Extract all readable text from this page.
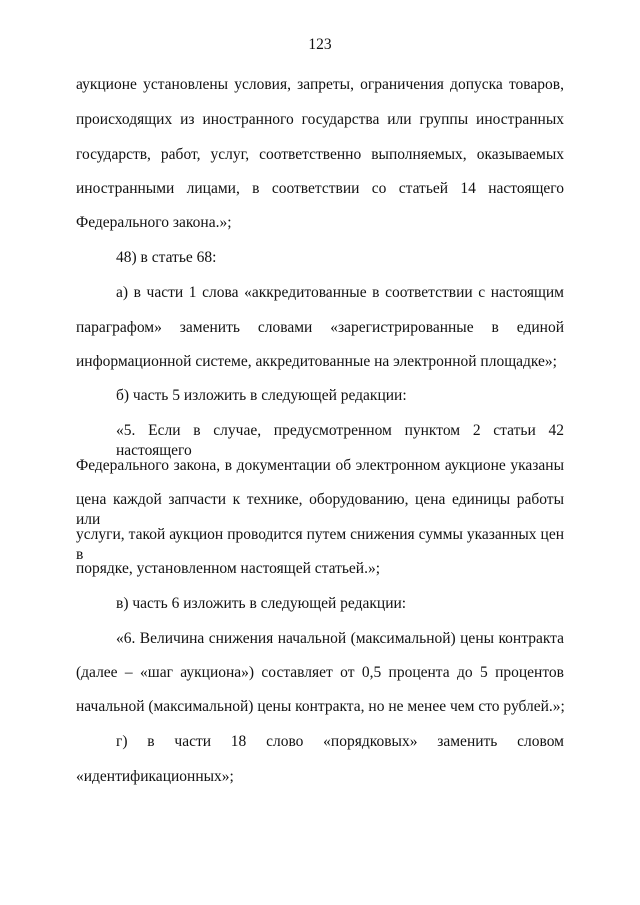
123
аукционе установлены условия, запреты, ограничения допуска товаров,
происходящих из иностранного государства или группы иностранных
государств, работ, услуг, соответственно выполняемых, оказываемых
иностранными лицами, в соответствии со статьей 14 настоящего
Федерального закона.»;
48) в статье 68:
а) в части 1 слова «аккредитованные в соответствии с настоящим
параграфом» заменить словами «зарегистрированные в единой
информационной системе, аккредитованные на электронной площадке»;
б) часть 5 изложить в следующей редакции:
«5. Если в случае, предусмотренном пунктом 2 статьи 42 настоящего
Федерального закона, в документации об электронном аукционе указаны
цена каждой запчасти к технике, оборудованию, цена единицы работы или
услуги, такой аукцион проводится путем снижения суммы указанных цен в
порядке, установленном настоящей статьей.»;
в) часть 6 изложить в следующей редакции:
«6. Величина снижения начальной (максимальной) цены контракта
(далее – «шаг аукциона») составляет от 0,5 процента до 5 процентов
начальной (максимальной) цены контракта, но не менее чем сто рублей.»;
г) в части 18 слово «порядковых» заменить словом
«идентификационных»;
